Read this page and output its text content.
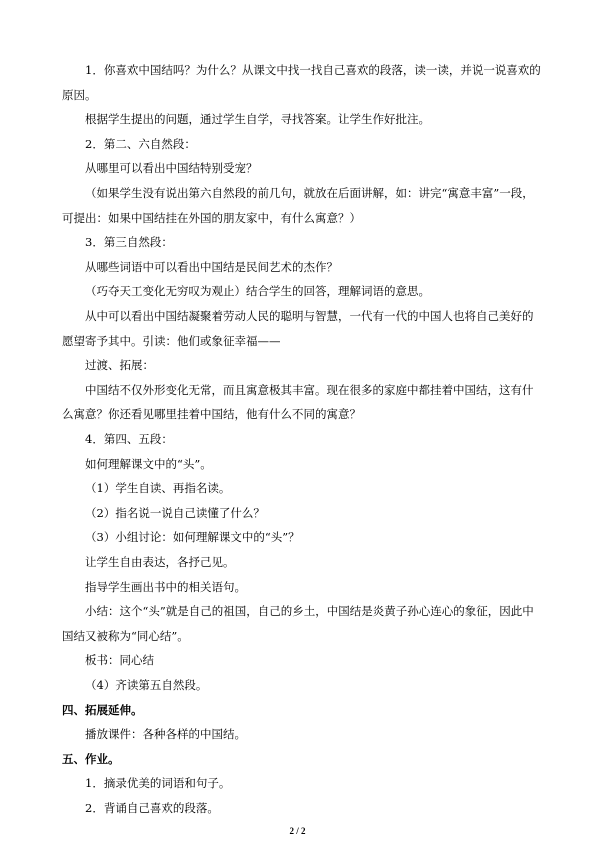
1．你喜欢中国结吗？为什么？从课文中找一找自己喜欢的段落，读一读，并说一说喜欢的原因。

根据学生提出的问题，通过学生自学，寻找答案。让学生作好批注。

2．第二、六自然段：

从哪里可以看出中国结特别受宠？

（如果学生没有说出第六自然段的前几句，就放在后面讲解，如：讲完“寓意丰富”一段，可提出：如果中国结挂在外国的朋友家中，有什么寓意？）

3．第三自然段：

从哪些词语中可以看出中国结是民间艺术的杰作？

（巧夺天工变化无穷叹为观止）结合学生的回答，理解词语的意思。

从中可以看出中国结凝聚着劳动人民的聪明与智慧，一代有一代的中国人也将自己美好的愿望寄予其中。引读：他们或象征幸福——

过渡、拓展：

中国结不仅外形变化无常，而且寓意极其丰富。现在很多的家庭中都挂着中国结，这有什么寓意？你还看见哪里挂着中国结，他有什么不同的寓意？

4．第四、五段：

如何理解课文中的“头”。

（1）学生自读、再指名读。

（2）指名说一说自己读懂了什么？

（3）小组讨论：如何理解课文中的“头”？

让学生自由表达，各抒己见。

指导学生画出书中的相关语句。

小结：这个“头”就是自己的祖国，自己的乡土，中国结是炎黄子孙心连心的象征，因此中国结又被称为“同心结”。

板书：同心结

（4）齐读第五自然段。

四、拓展延伸。

播放课件：各种各样的中国结。

五、作业。

1．摘录优美的词语和句子。

2．背诵自己喜欢的段落。

2 / 2
